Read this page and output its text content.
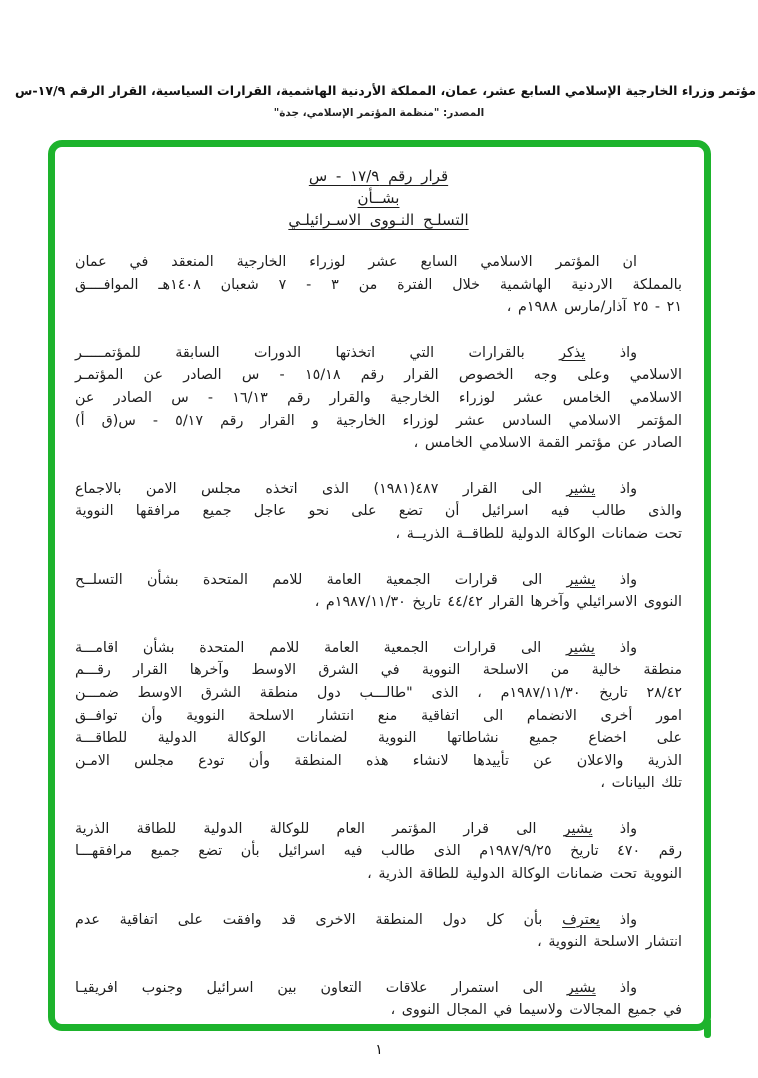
مؤتمر وزراء الخارجية الإسلامي السابع عشر، عمان، المملكة الأردنية الهاشمية، القرارات السياسية، القرار الرقم ١٧/٩-س
المصدر: "منظمة المؤتمر الإسلامي، جدة"
قرار رقم ١٧/٩ - س
بشــأن
التسلـح النـووى الاسـرائيلـي
ان المؤتمر الاسلامي السابع عشر لوزراء الخارجية المنعقد في عمان
بالمملكة الاردنية الهاشمية خلال الفترة من ٣ - ٧ شعبان ١٤٠٨هـ الموافــــق
٢١ - ٢٥ آذار/مارس ١٩٨٨م ،
واذ يذكر بالقرارات التي اتخذتها الدورات السابقة للمؤتمـــــر
الاسلامي وعلى وجه الخصوص القرار رقم ١٥/١٨ - س الصادر عن المؤتمـر
الاسلامي الخامس عشر لوزراء الخارجية والقرار رقم ١٦/١٣ - س الصادر عن
المؤتمر الاسلامي السادس عشر لوزراء الخارجية و القرار رقم ٥/١٧ - س(ق أ)
الصادر عن مؤتمر القمة الاسلامي الخامس ،
واذ يشير الى القرار ٤٨٧(١٩٨١) الذى اتخذه مجلس الامن بالاجماع
والذى طالب فيه اسرائيل أن تضع على نحو عاجل جميع مرافقها النووية
تحت ضمانات الوكالة الدولية للطاقــة الذريــة ،
واذ يشير الى قرارات الجمعية العامة للامم المتحدة بشأن التسلــح
النووى الاسرائيلي وآخرها القرار ٤٤/٤٢ تاريخ ١٩٨٧/١١/٣٠م ،
واذ يشير الى قرارات الجمعية العامة للامم المتحدة بشأن اقامـــة
منطقة خالية من الاسلحة النووية في الشرق الاوسط وآخرها القرار رقـــم
٢٨/٤٢ تاريخ ١٩٨٧/١١/٣٠م ، الذى "طالـــب دول منطقة الشرق الاوسط ضمـــن
امور أخرى الانضمام الى اتفاقية منع انتشار الاسلحة النووية وأن توافــق
على اخضاع جميع نشاطاتها النووية لضمانات الوكالة الدولية للطاقـــة
الذرية والاعلان عن تأييدها لانشاء هذه المنطقة وأن تودع مجلس الامـن
تلك البيانات ،
واذ يشير الى قرار المؤتمر العام للوكالة الدولية للطاقة الذرية
رقم ٤٧٠ تاريخ ١٩٨٧/٩/٢٥م الذى طالب فيه اسرائيل بأن تضع جميع مرافقهـــا
النووية تحت ضمانات الوكالة الدولية للطاقة الذرية ،
واذ يعترف بأن كل دول المنطقة الاخرى قد وافقت على اتفاقية عدم
انتشار الاسلحة النووية ،
واذ يشير الى استمرار علاقات التعاون بين اسرائيل وجنوب افريقيـا
في جميع المجالات ولاسيما في المجال النووى ،
١
